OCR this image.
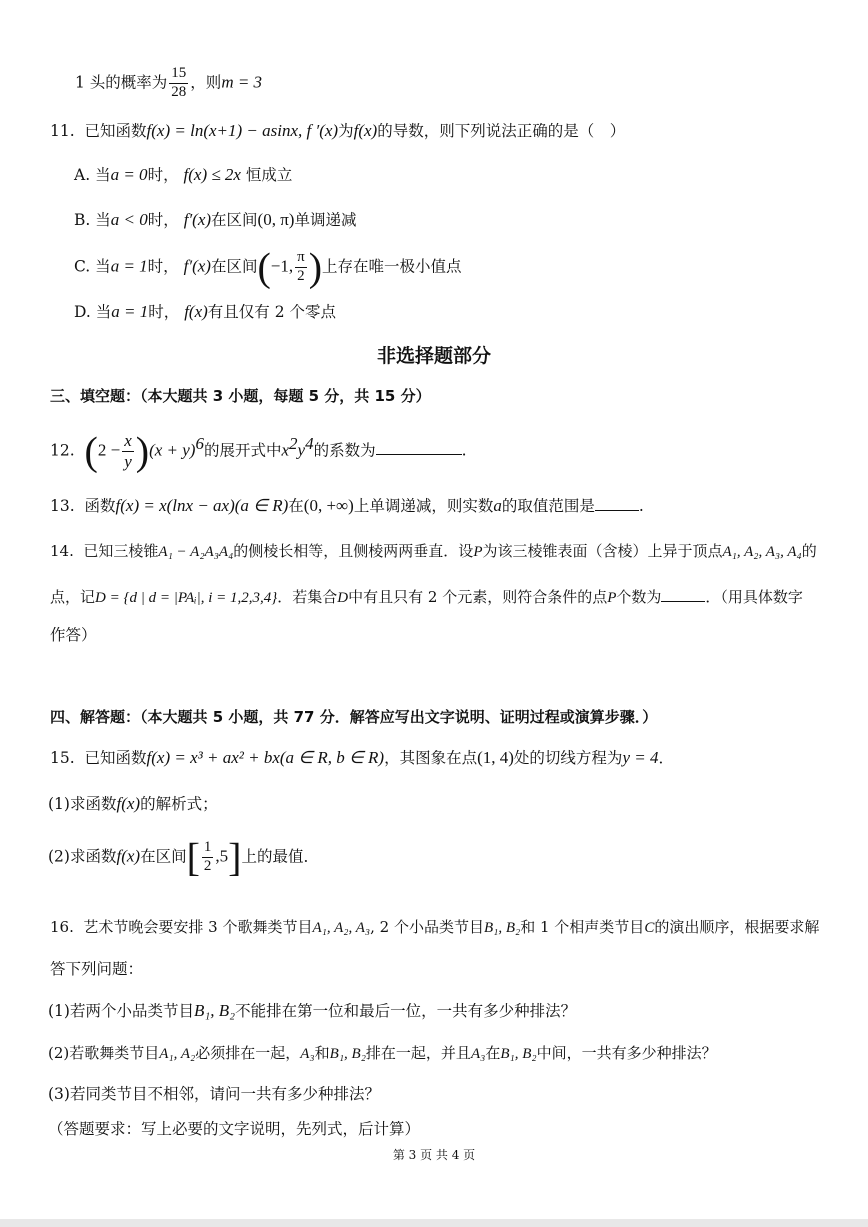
1 头的概率为 $\frac{15}{28}$ ，则m = 3
11. 已知函数f(x) = ln(x+1) − asinx, f ′(x)为f(x)的导数，则下列说法正确的是（　）
A. 当a = 0时， f(x) ≤ 2x 恒成立
B. 当a < 0时， f′(x)在区间(0, π)单调递减
C. 当a = 1时， f′(x)在区间(−1, $\frac{\pi}{2}$ )上存在唯一极小值点
D. 当a = 1时， f(x)有且仅有 2 个零点
非选择题部分
三、填空题：（本大题共 3 小题，每题 5 分，共 15 分）
12. $(2 - \frac{x}{y} )(x + y)^6$的展开式中$x^2y^4$的系数为	.
13. 函数f(x) = x(lnx − ax)(a ∈ R)在(0, +∞)上单调递减，则实数a的取值范围是	.
14. 已知三棱锥A₁ − A₂A₃A₄的侧棱长相等，且侧棱两两垂直．设P为该三棱锥表面（含棱）上异于顶点A₁, A₂, A₃, A₄的
点，记D = {d | d = |PAᵢ|, i = 1,2,3,4}．若集合D中有且只有 2 个元素，则符合条件的点P个数为	．（用具体数字
作答）
四、解答题：（本大题共 5 小题，共 77 分．解答应写出文字说明、证明过程或演算步骤．）
15. 已知函数f(x) = x³ + ax² + bx(a ∈ R, b ∈ R)，其图象在点(1, 4)处的切线方程为y = 4．
(1)求函数f(x)的解析式；
(2)求函数f(x)在区间[ $\frac{1}{2} ,5$]上的最值．
16. 艺术节晚会要安排 3 个歌舞类节目A₁, A₂, A₃, 2 个小品类节目B₁, B₂和 1 个相声类节目C的演出顺序，根据要求解
答下列问题：
(1)若两个小品类节目B₁, B₂不能排在第一位和最后一位，一共有多少种排法？
(2)若歌舞类节目A₁, A₂必须排在一起，A₃和B₁, B₂排在一起，并且A₃在B₁, B₂中间，一共有多少种排法？
(3)若同类节目不相邻，请问一共有多少种排法？
（答题要求：写上必要的文字说明，先列式，后计算）
第 3 页 共 4 页
